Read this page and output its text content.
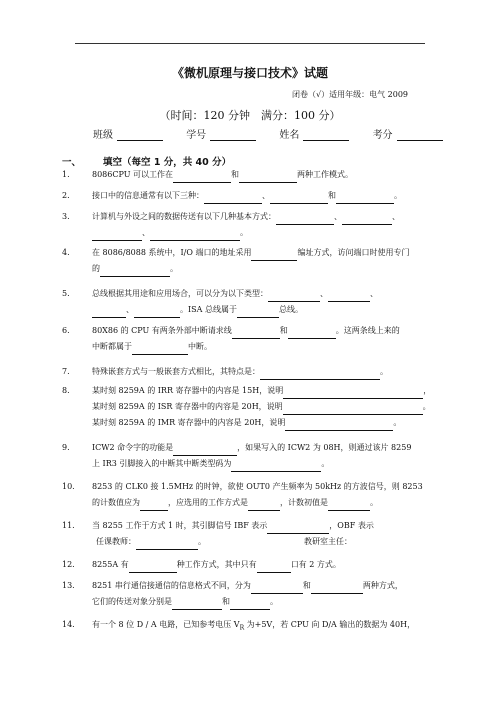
《微机原理与接口技术》试题
闭卷（√）适用年级：电气 2009
（时间：120 分钟　满分：100 分）
班级	学号	姓名	考分
一、 填空（每空 1 分，共 40 分）
1.	8086CPU 可以工作在	和	两种工作模式。
2.	接口中的信息通常有以下三种：	、	和	。
3.	计算机与外设之间的数据传送有以下几种基本方式：	、	、
、	。
4.	在 8086/8088 系统中，I/O 端口的地址采用	编址方式，访问端口时使用专门
的	。
5.	总线根据其用途和应用场合，可以分为以下类型：	、	、
、	。ISA 总线属于	总线。
6.	80X86 的 CPU 有两条外部中断请求线	和	。这两条线上来的
中断都属于	中断。
7.	特殊嵌套方式与一般嵌套方式相比，其特点是：	。
8.	某时刻 8259A 的 IRR 寄存器中的内容是 15H，说明	，
某时刻 8259A 的 ISR 寄存器中的内容是 20H，说明	。
某时刻 8259A 的 IMR 寄存器中的内容是 20H，说明	。
9.	ICW2 命令字的功能是	，如果写入的 ICW2 为 08H，则通过该片 8259
上 IR3 引脚接入的中断其中断类型码为	。
10. 8253 的 CLK0 接 1.5MHz 的时钟，欲使 OUT0 产生频率为 50kHz 的方波信号，则 8253
的计数值应为	，应选用的工作方式是	，计数初值是	。
11. 当 8255 工作于方式 1 时，其引脚信号 IBF 表示	，OBF 表示
任课教师：	。	教研室主任：
12. 8255A 有	种工作方式，其中只有	口有 2 方式。
13. 8251 串行通信接通信的信息格式不同，分为	和	两种方式，
它们的传送对象分别是	和	。
14. 有一个 8 位 D / A 电路，已知参考电压 $V_R$ 为+5V，若 CPU 向 D/A 输出的数据为 40H，
